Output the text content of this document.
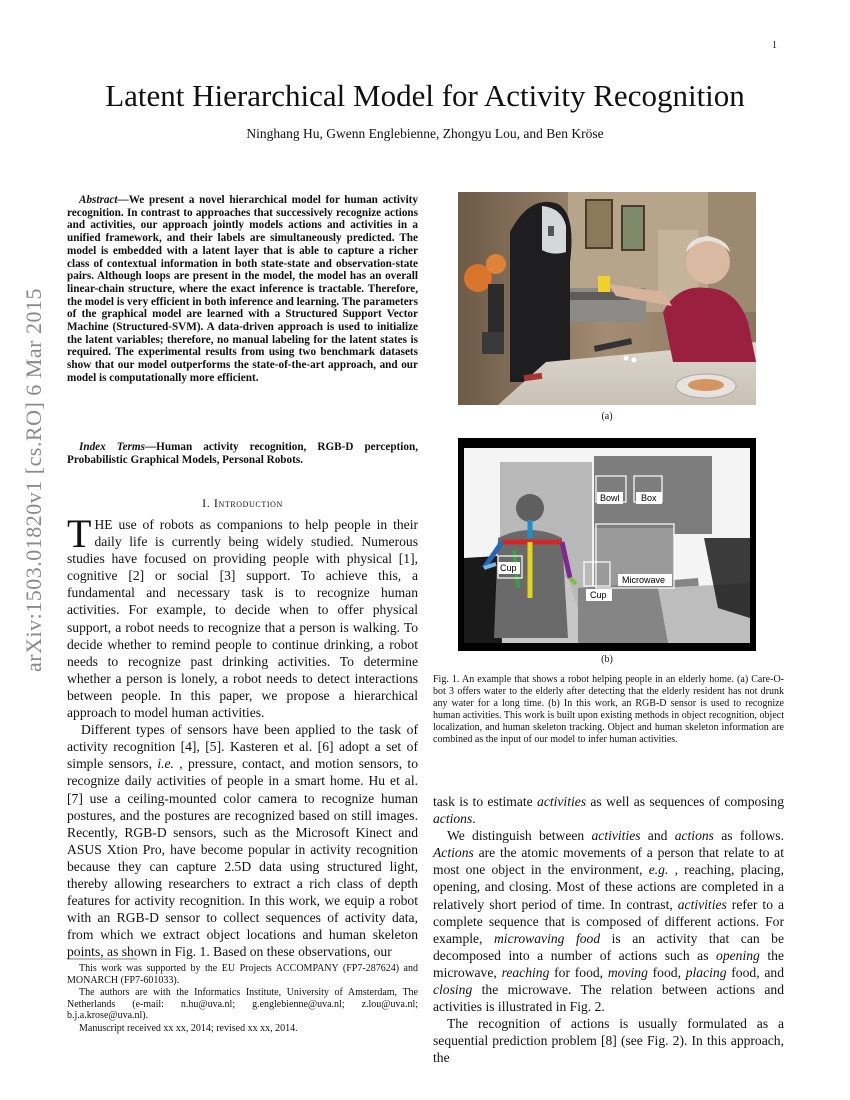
1
arXiv:1503.01820v1 [cs.RO] 6 Mar 2015
Latent Hierarchical Model for Activity Recognition
Ninghang Hu, Gwenn Englebienne, Zhongyu Lou, and Ben Kröse
Abstract—We present a novel hierarchical model for human activity recognition. In contrast to approaches that successively recognize actions and activities, our approach jointly models actions and activities in a unified framework, and their labels are simultaneously predicted. The model is embedded with a latent layer that is able to capture a richer class of contextual information in both state-state and observation-state pairs. Although loops are present in the model, the model has an overall linear-chain structure, where the exact inference is tractable. Therefore, the model is very efficient in both inference and learning. The parameters of the graphical model are learned with a Structured Support Vector Machine (Structured-SVM). A data-driven approach is used to initialize the latent variables; therefore, no manual labeling for the latent states is required. The experimental results from using two benchmark datasets show that our model outperforms the state-of-the-art approach, and our model is computationally more efficient.
Index Terms—Human activity recognition, RGB-D perception, Probabilistic Graphical Models, Personal Robots.
I. Introduction

THE use of robots as companions to help people in their daily life is currently being widely studied. Numerous studies have focused on providing people with physical [1], cognitive [2] or social [3] support. To achieve this, a fundamental and necessary task is to recognize human activities. For example, to decide when to offer physical support, a robot needs to recognize that a person is walking. To decide whether to remind people to continue drinking, a robot needs to recognize past drinking activities. To determine whether a person is lonely, a robot needs to detect interactions between people. In this paper, we propose a hierarchical approach to model human activities.

Different types of sensors have been applied to the task of activity recognition [4], [5]. Kasteren et al. [6] adopt a set of simple sensors, i.e. , pressure, contact, and motion sensors, to recognize daily activities of people in a smart home. Hu et al. [7] use a ceiling-mounted color camera to recognize human postures, and the postures are recognized based on still images. Recently, RGB-D sensors, such as the Microsoft Kinect and ASUS Xtion Pro, have become popular in activity recognition because they can capture 2.5D data using structured light, thereby allowing researchers to extract a rich class of depth features for activity recognition. In this work, we equip a robot with an RGB-D sensor to collect sequences of activity data, from which we extract object locations and human skeleton points, as shown in Fig. 1. Based on these observations, our

This work was supported by the EU Projects ACCOMPANY (FP7-287624) and MONARCH (FP7-601033).

The authors are with the Informatics Institute, University of Amsterdam, The Netherlands (e-mail: n.hu@uva.nl; g.englebienne@uva.nl; z.lou@uva.nl; b.j.a.krose@uva.nl).

Manuscript received xx xx, 2014; revised xx xx, 2014.

(a)
Bowl Box
Cup
Microwave
Cup
(b)
Fig. 1. An example that shows a robot helping people in an elderly home. (a) Care-O-bot 3 offers water to the elderly after detecting that the elderly resident has not drunk any water for a long time. (b) In this work, an RGB-D sensor is used to recognize human activities. This work is built upon existing methods in object recognition, object localization, and human skeleton tracking. Object and human skeleton information are combined as the input of our model to infer human activities.

task is to estimate activities as well as sequences of composing actions.

We distinguish between activities and actions as follows. Actions are the atomic movements of a person that relate to at most one object in the environment, e.g. , reaching, placing, opening, and closing. Most of these actions are completed in a relatively short period of time. In contrast, activities refer to a complete sequence that is composed of different actions. For example, microwaving food is an activity that can be decomposed into a number of actions such as opening the microwave, reaching for food, moving food, placing food, and closing the microwave. The relation between actions and activities is illustrated in Fig. 2.

The recognition of actions is usually formulated as a sequential prediction problem [8] (see Fig. 2). In this approach, the
